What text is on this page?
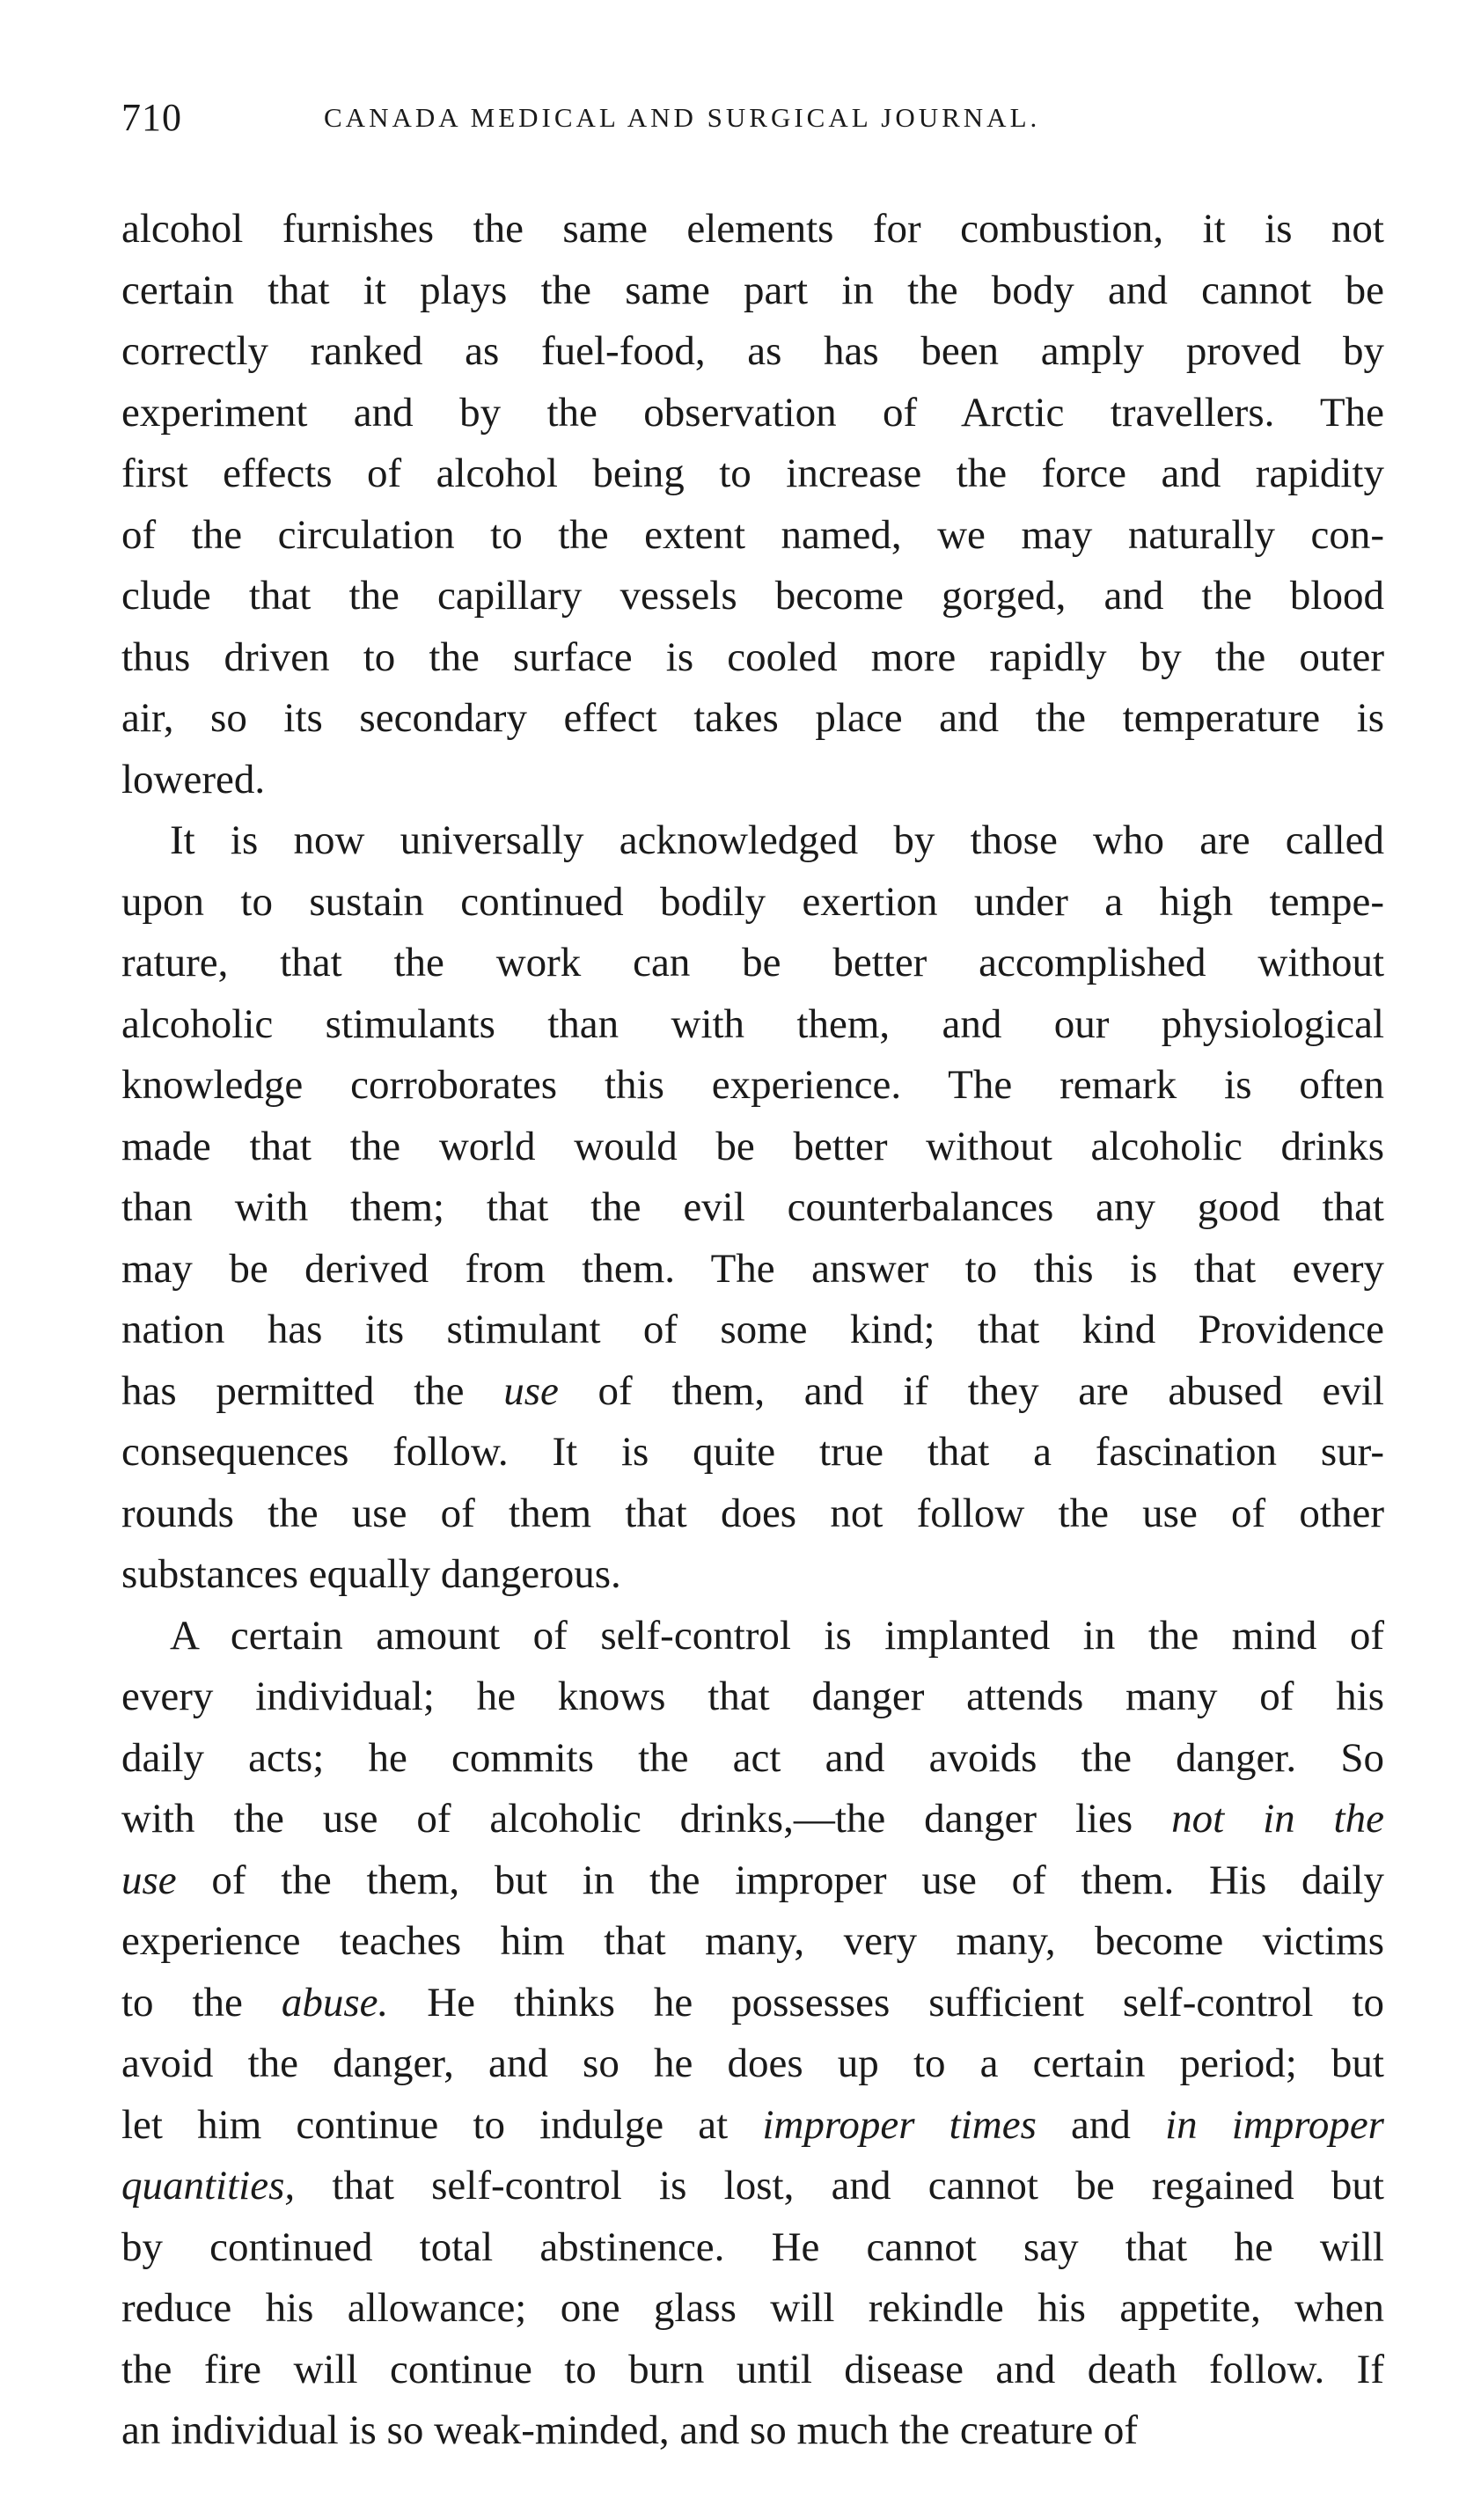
710	CANADA MEDICAL AND SURGICAL JOURNAL.
alcohol furnishes the same elements for combustion, it is not
certain that it plays the same part in the body and cannot be
correctly ranked as fuel-food, as has been amply proved by
experiment and by the observation of Arctic travellers. The
first effects of alcohol being to increase the force and rapidity
of the circulation to the extent named, we may naturally con-
clude that the capillary vessels become gorged, and the blood
thus driven to the surface is cooled more rapidly by the outer
air, so its secondary effect takes place and the temperature is
lowered.
It is now universally acknowledged by those who are called
upon to sustain continued bodily exertion under a high tempe-
rature, that the work can be better accomplished without
alcoholic stimulants than with them, and our physiological
knowledge corroborates this experience. The remark is often
made that the world would be better without alcoholic drinks
than with them; that the evil counterbalances any good that
may be derived from them. The answer to this is that every
nation has its stimulant of some kind; that kind Providence
has permitted the use of them, and if they are abused evil
consequences follow. It is quite true that a fascination sur-
rounds the use of them that does not follow the use of other
substances equally dangerous.
A certain amount of self-control is implanted in the mind of
every individual; he knows that danger attends many of his
daily acts; he commits the act and avoids the danger. So
with the use of alcoholic drinks,—the danger lies not in the
use of the them, but in the improper use of them. His daily
experience teaches him that many, very many, become victims
to the abuse. He thinks he possesses sufficient self-control to
avoid the danger, and so he does up to a certain period; but
let him continue to indulge at improper times and in improper
quantities, that self-control is lost, and cannot be regained but
by continued total abstinence. He cannot say that he will
reduce his allowance; one glass will rekindle his appetite, when
the fire will continue to burn until disease and death follow. If
an individual is so weak-minded, and so much the creature of
